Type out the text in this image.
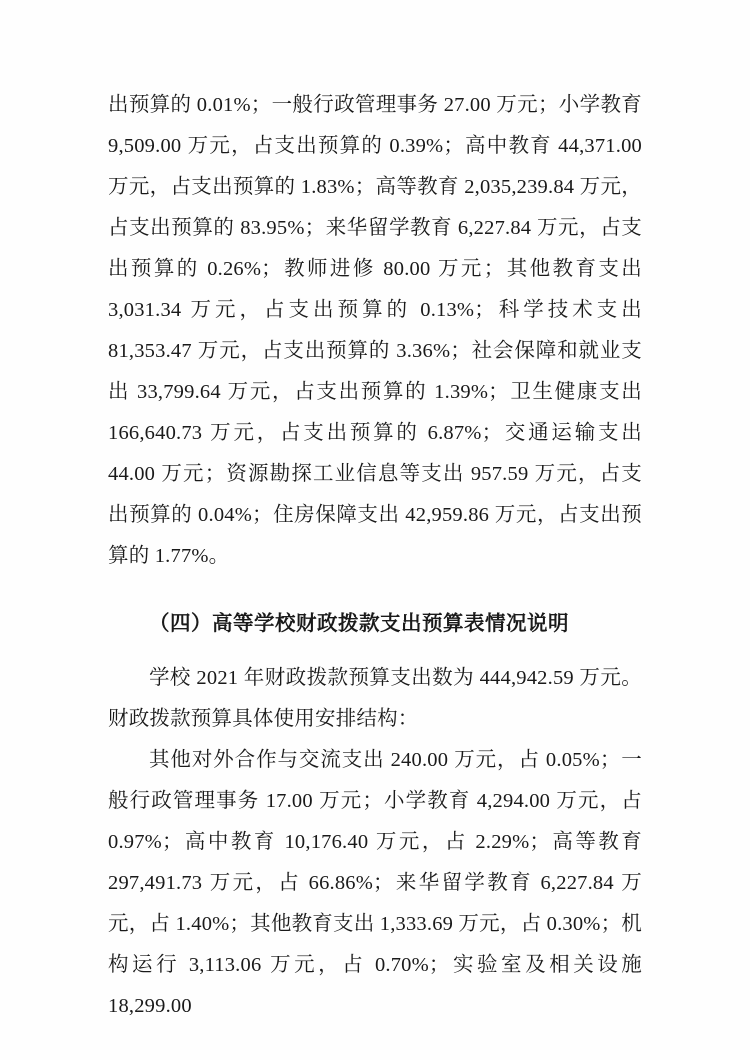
出预算的 0.01%；一般行政管理事务 27.00 万元；小学教育 9,509.00 万元，占支出预算的 0.39%；高中教育 44,371.00 万元，占支出预算的 1.83%；高等教育 2,035,239.84 万元，占支出预算的 83.95%；来华留学教育 6,227.84 万元，占支出预算的 0.26%；教师进修 80.00 万元；其他教育支出 3,031.34 万元，占支出预算的 0.13%；科学技术支出 81,353.47 万元，占支出预算的 3.36%；社会保障和就业支出 33,799.64 万元，占支出预算的 1.39%；卫生健康支出 166,640.73 万元，占支出预算的 6.87%；交通运输支出 44.00 万元；资源勘探工业信息等支出 957.59 万元，占支出预算的 0.04%；住房保障支出 42,959.86 万元，占支出预算的 1.77%。

（四）高等学校财政拨款支出预算表情况说明

学校 2021 年财政拨款预算支出数为 444,942.59 万元。财政拨款预算具体使用安排结构：

其他对外合作与交流支出 240.00 万元，占 0.05%；一般行政管理事务 17.00 万元；小学教育 4,294.00 万元，占 0.97%；高中教育 10,176.40 万元，占 2.29%；高等教育 297,491.73 万元，占 66.86%；来华留学教育 6,227.84 万元，占 1.40%；其他教育支出 1,333.69 万元，占 0.30%；机构运行 3,113.06 万元，占 0.70%；实验室及相关设施 18,299.00
